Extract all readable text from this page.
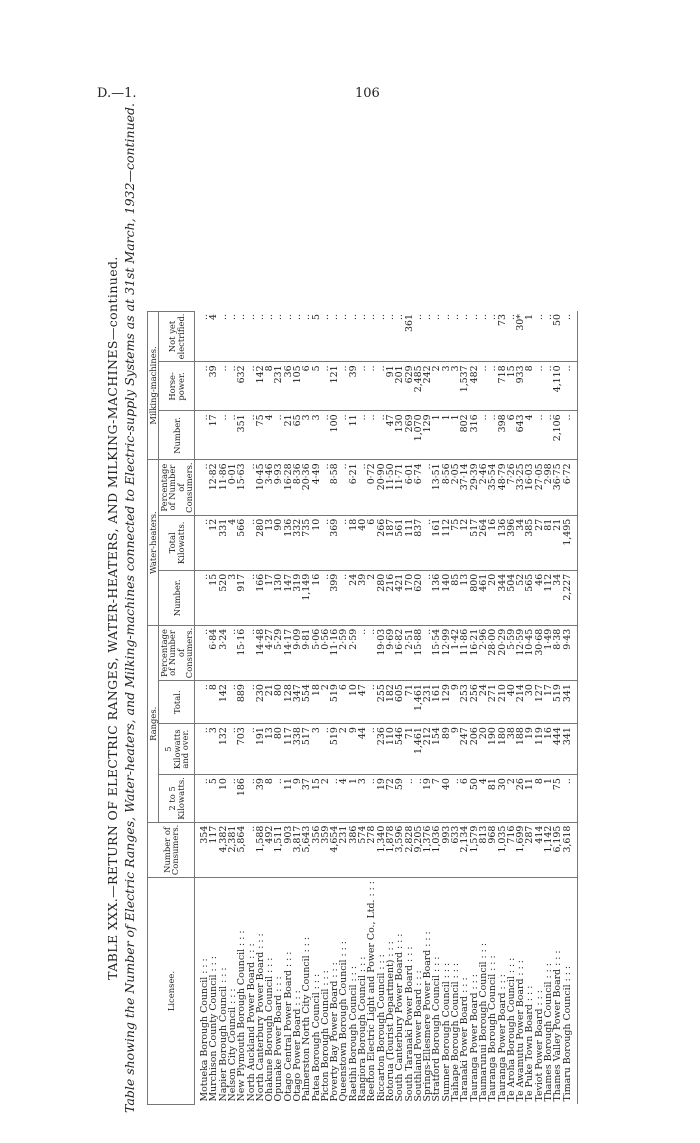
D.—1.	106
TABLE XXX.—RETURN OF ELECTRIC RANGES, WATER-HEATERS, AND MILKING-MACHINES—continued. Table showing the Number of Electric Ranges, Water-heaters, and Milking-machines connected to Electric-supply Systems as at 31st March, 1932—continued.	Licensee.	Number of Consumers.	Ranges.				Water-heaters.			Milking-machines.		
		2 to 5 Kilowatts.	5 Kilowatts and over.	Total.	Percentage of Number of Consumers.	Number.	Total Kilowatts.	Percentage of Number of Consumers.	Number.	Horse-power.	Not yet electrified.
Motueka Borough Council : : :	354	..	..	..	..	..	..	..	..	..	..
Murchison County Council : : :	117	5	3	8	6·84	15	12	12·82	17	39	4
Napier Borough Council : : :	4,382	10	132	142	3·24	520	331	11·86	..	..	..
Nelson City Council : : :	2,381	..	..	..	..	3	4	0·01	..	..	..
New Plymouth Borough Council : : :	5,864	186	703	889	15·16	917	566	15·63	351	632	..
North Auckland Power Board : : :	..	..	..	..	..	..	..	..	..	..	..
North Canterbury Power Board : : :	1,588	39	191	230	14·48	166	280	10·45	75	142	..
Ohakune Borough Council : : :	492	8	13	21	4·27	17	13	3·46	4	8	..
Opunake Power Board : : :	1,511	..	80	80	5·29	130	90	9·93	..	231	..
Otago Central Power Board : : :	903	11	117	128	14·17	147	136	16·28	21	36	..
Otago Power Board : : :	3,817	9	338	347	9·09	319	332	8·36	65	105	..
Palmerston North City Council : : :	5,643	37	517	554	9·81	1,149	735	20·36	3	6	..
Patea Borough Council : : :	356	15	3	18	5·06	16	10	4·49	3	5	5
Picton Borough Council : : :	359	2	..	2	0·56	..	..	..	..	..	..
Poverty Bay Power Board : : :	4,654	..	519	519	11·16	399	369	8·58	100	121	..
Queenstown Borough Council : : :	231	4	2	6	2·59	..	..	..	..	..	..
Raetihi Borough Council : : :	386	1	9	10	2·59	24	18	6·21	11	39	..
Rangiora Borough Council : : :	574	3	44	47	..	39	40	..	..	..	..
Reefton Electric Light and Power Co., Ltd. : : :	278	..	..	..	..	2	6	0·72	..	..	..
Riccarton Borough Council : : :	1,340	19	236	255	19·03	280	266	20·90	..	..	..
Rotorua (Tourist Department) : : :	1,878	72	110	182	9·69	216	187	11·50	47	91	..
South Canterbury Power Board : : :	3,596	59	546	605	16·82	421	561	11·71	130	201	..
South Taranaki Power Board : : :	2,828	..	71	71	2·51	170	111	6·01	269	629	361
Southland Power Board : : :	9,205	..	1,461	1,461	15·88	620	837	6·74	1,070	2,485	..
Springs-Ellesmere Power Board : : :	1,376	19	212	231	..	..	..	..	129	242	..
Stratford Borough Council : : :	1,036	7	154	161	15·54	136	161	13·51	1	2	..
Sumner Borough Council : : :	993	40	89	129	12·99	140	112	8·56	1	3	..
Taihape Borough Council : : :	633	..	9	9	1·42	85	75	2·05	1	3	..
Taranaki Power Board : : :	2,134	6	247	253	11·86	13	12	37·14	802	1,537	..
Tauranga Power Board : : :	1,579	50	206	256	16·21	800	517	29·39	316	482	..
Taumarunui Borough Council : : :	813	4	20	24	2·96	461	264	2·46	..	..	..
Tauranga Borough Council : : :	968	81	190	271	28·00	20	16	35·54	..	..	..
Tauranga Power Board : : :	1,035	30	180	210	20·29	344	136	48·79	398	718	73
Te Aroha Borough Council : : :	716	2	38	40	5·59	504	396	7·26	6	15	..
Te Awamutu Power Board : : :	1,699	26	188	214	12·59	52	34	33·25	643	933	30*
Te Puke Town Board : : :	287	11	19	30	10·45	565	385	16·03	4	8	1
Teviot Power Board : : :	414	8	119	127	30·68	46	27	27·05	..	..	..
Thames Borough Council : : :	1,142	1	16	17	1·49	112	81	2·98	..	..	..
Thames Valley Power Board : : :	6,195	75	444	519	8·38	34	21	36·75	2,106	4,110	50
Timaru Borough Council : : :	3,618	..	341	341	9·43	2,227	1,495	6·72	..	..	..
